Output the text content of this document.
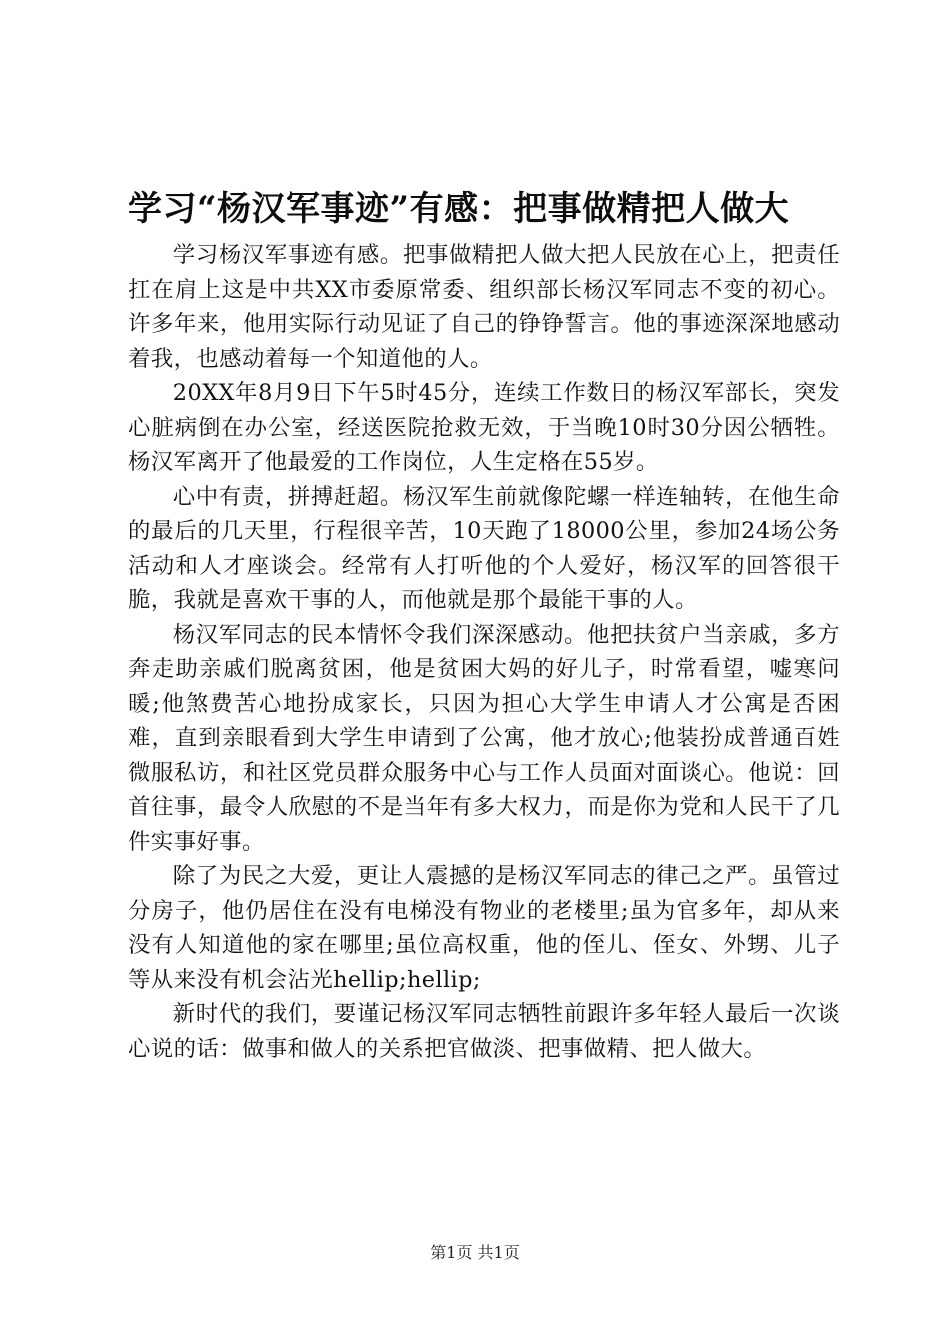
学习“杨汉军事迹”有感：把事做精把人做大

学习杨汉军事迹有感。把事做精把人做大把人民放在心上，把责任扛在肩上这是中共XX市委原常委、组织部长杨汉军同志不变的初心。许多年来，他用实际行动见证了自己的铮铮誓言。他的事迹深深地感动着我，也感动着每一个知道他的人。

20XX年8月9日下午5时45分，连续工作数日的杨汉军部长，突发心脏病倒在办公室，经送医院抢救无效，于当晚10时30分因公牺牲。杨汉军离开了他最爱的工作岗位，人生定格在55岁。

心中有责，拼搏赶超。杨汉军生前就像陀螺一样连轴转，在他生命的最后的几天里，行程很辛苦，10天跑了18000公里，参加24场公务活动和人才座谈会。经常有人打听他的个人爱好，杨汉军的回答很干脆，我就是喜欢干事的人，而他就是那个最能干事的人。

杨汉军同志的民本情怀令我们深深感动。他把扶贫户当亲戚，多方奔走助亲戚们脱离贫困，他是贫困大妈的好儿子，时常看望，嘘寒问暖;他煞费苦心地扮成家长，只因为担心大学生申请人才公寓是否困难，直到亲眼看到大学生申请到了公寓，他才放心;他装扮成普通百姓微服私访，和社区党员群众服务中心与工作人员面对面谈心。他说：回首往事，最令人欣慰的不是当年有多大权力，而是你为党和人民干了几件实事好事。

除了为民之大爱，更让人震撼的是杨汉军同志的律己之严。虽管过分房子，他仍居住在没有电梯没有物业的老楼里;虽为官多年，却从来没有人知道他的家在哪里;虽位高权重，他的侄儿、侄女、外甥、儿子等从来没有机会沾光hellip;hellip;

新时代的我们，要谨记杨汉军同志牺牲前跟许多年轻人最后一次谈心说的话：做事和做人的关系把官做淡、把事做精、把人做大。

第1页 共1页
